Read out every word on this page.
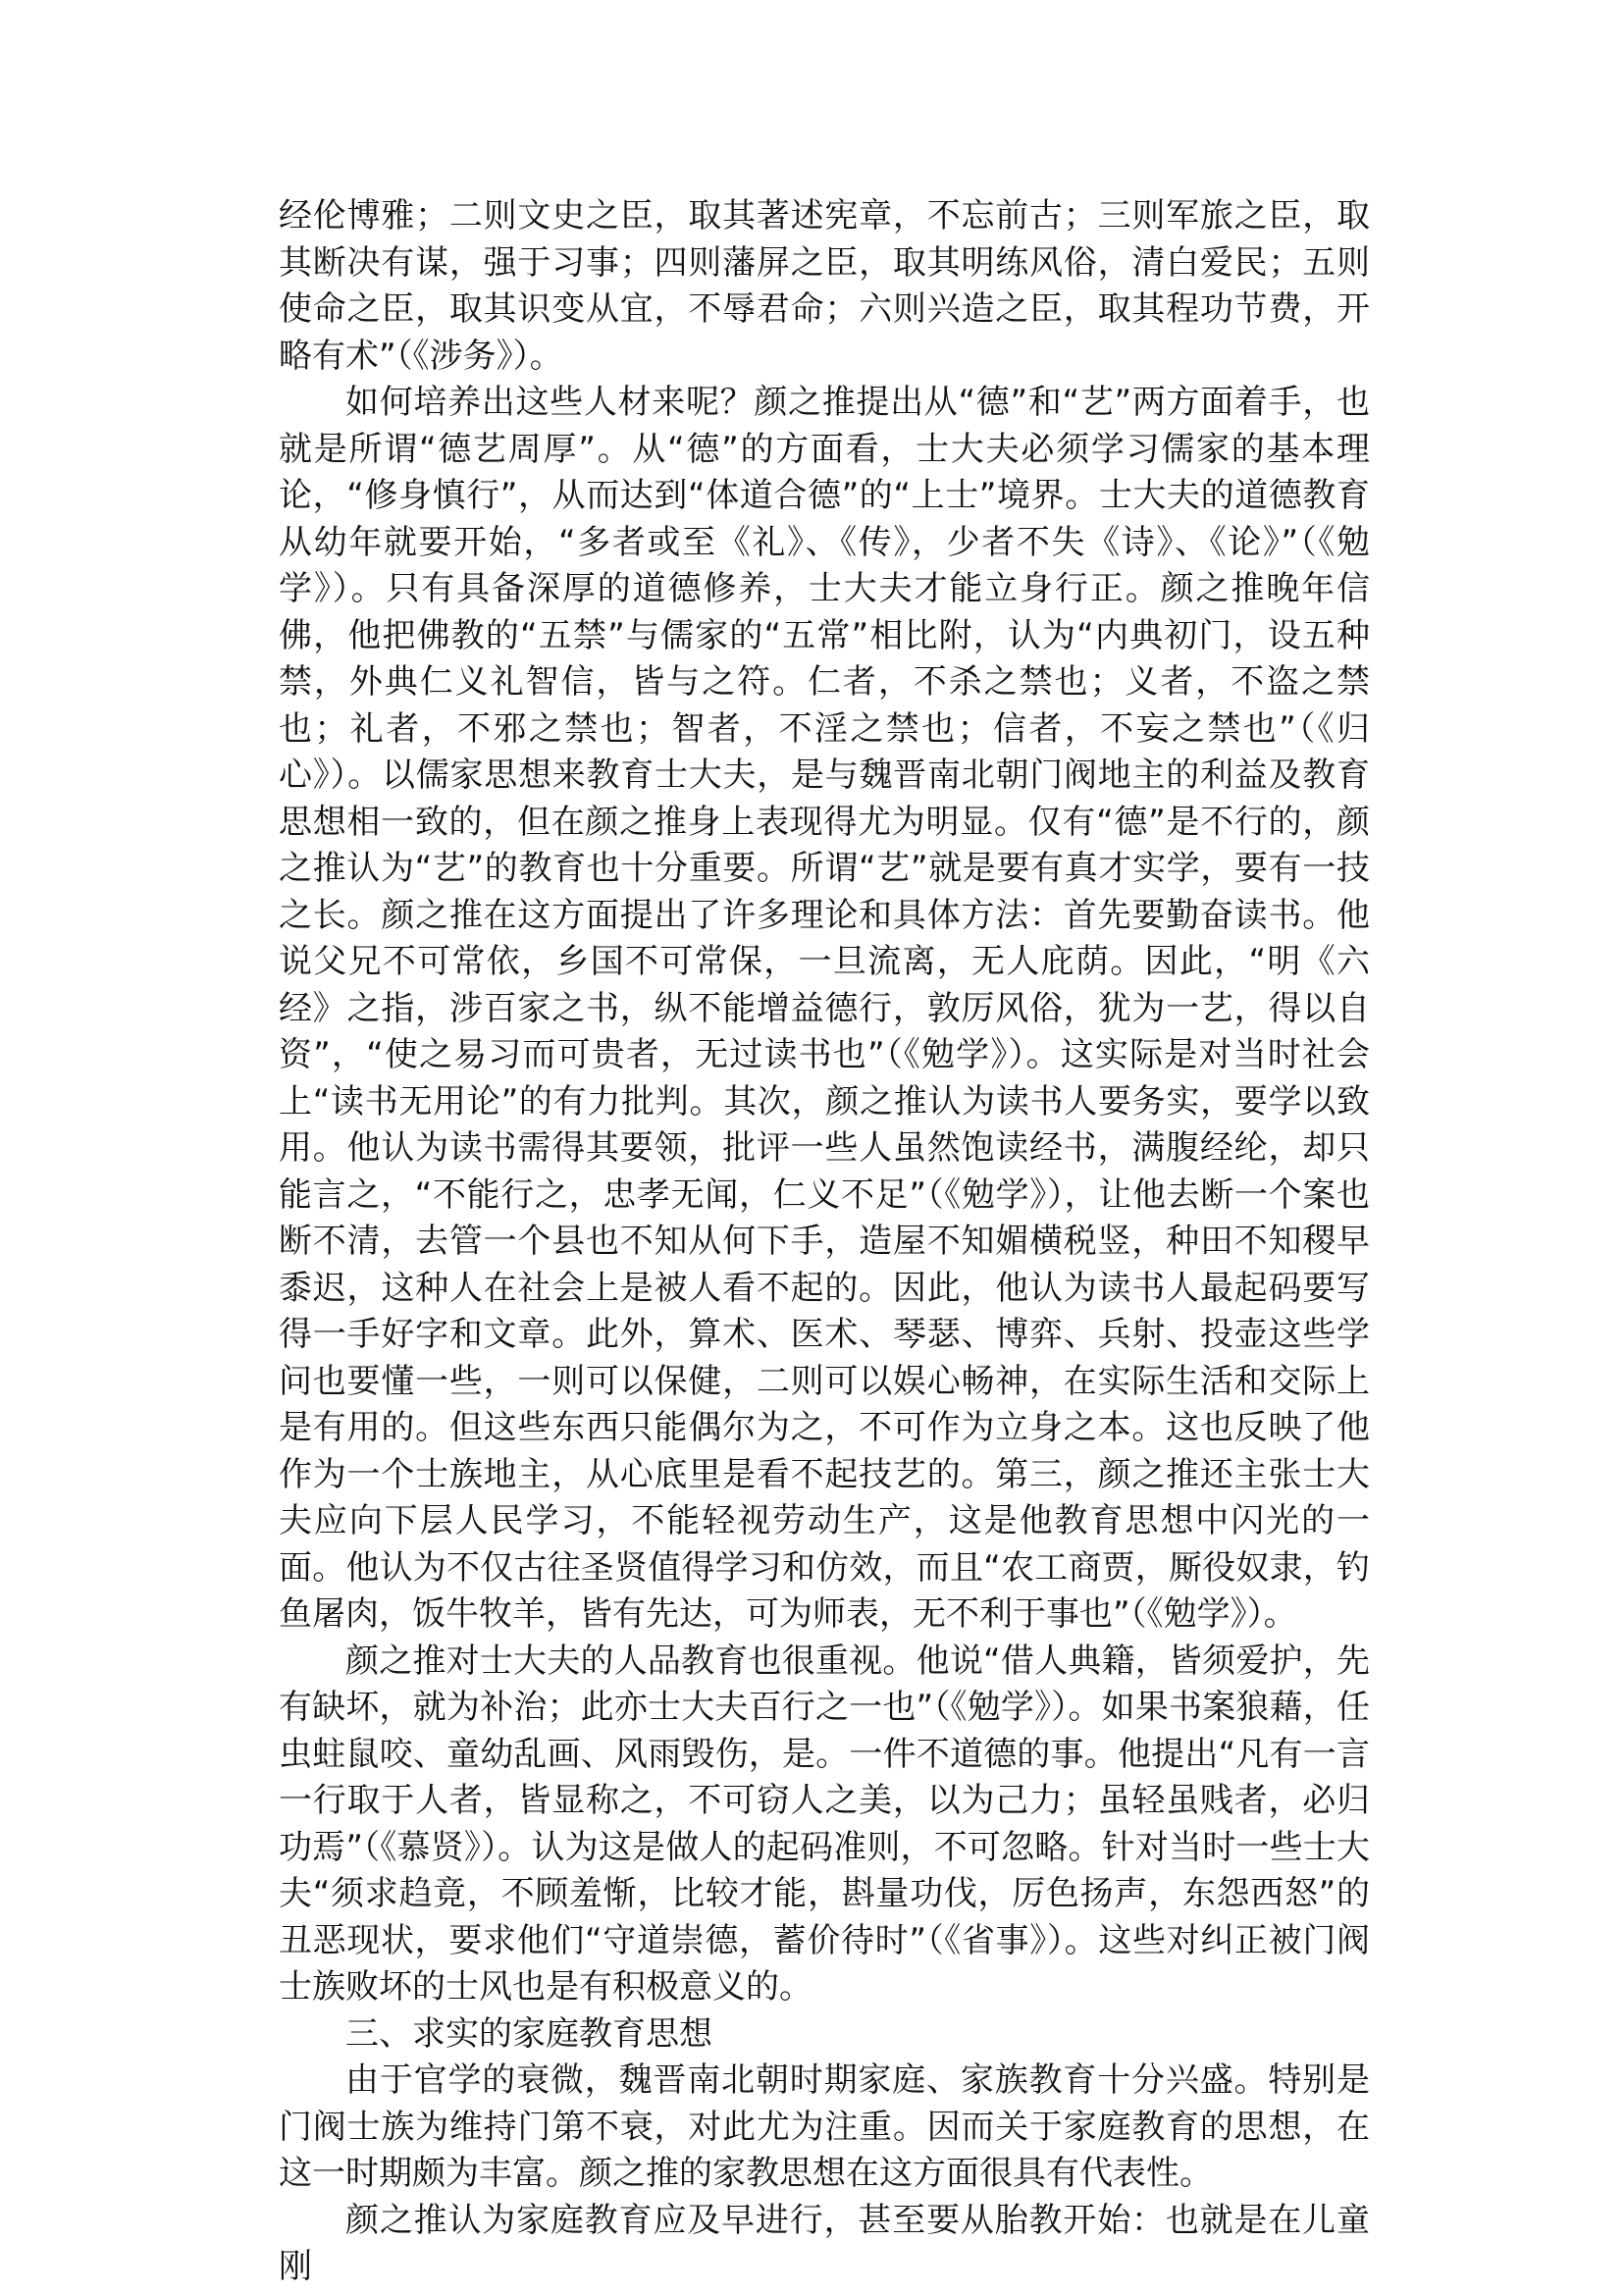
经伦博雅；二则文史之臣，取其著述宪章，不忘前古；三则军旅之臣，取其断决有谋，强于习事；四则藩屏之臣，取其明练风俗，清白爱民；五则使命之臣，取其识变从宜，不辱君命；六则兴造之臣，取其程功节费，开略有术”（《涉务》）。

如何培养出这些人材来呢？颜之推提出从“德”和“艺”两方面着手，也就是所谓“德艺周厚”。从“德”的方面看，士大夫必须学习儒家的基本理论，“修身慎行”，从而达到“体道合德”的“上士”境界。士大夫的道德教育从幼年就要开始，“多者或至《礼》、《传》，少者不失《诗》、《论》”（《勉学》）。只有具备深厚的道德修养，士大夫才能立身行正。颜之推晚年信佛，他把佛教的“五禁”与儒家的“五常”相比附，认为“内典初门，设五种禁，外典仁义礼智信，皆与之符。仁者，不杀之禁也；义者，不盗之禁也；礼者，不邪之禁也；智者，不淫之禁也；信者，不妄之禁也”（《归心》）。以儒家思想来教育士大夫，是与魏晋南北朝门阀地主的利益及教育思想相一致的，但在颜之推身上表现得尤为明显。仅有“德”是不行的，颜之推认为“艺”的教育也十分重要。所谓“艺”就是要有真才实学，要有一技之长。颜之推在这方面提出了许多理论和具体方法：首先要勤奋读书。他说父兄不可常依，乡国不可常保，一旦流离，无人庇荫。因此，“明《六经》之指，涉百家之书，纵不能增益德行，敦厉风俗，犹为一艺，得以自资”，“使之易习而可贵者，无过读书也”（《勉学》）。这实际是对当时社会上“读书无用论”的有力批判。其次，颜之推认为读书人要务实，要学以致用。他认为读书需得其要领，批评一些人虽然饱读经书，满腹经纶，却只能言之，“不能行之，忠孝无闻，仁义不足”（《勉学》），让他去断一个案也断不清，去管一个县也不知从何下手，造屋不知媚横税竖，种田不知稷早黍迟，这种人在社会上是被人看不起的。因此，他认为读书人最起码要写得一手好字和文章。此外，算术、医术、琴瑟、博弈、兵射、投壶这些学问也要懂一些，一则可以保健，二则可以娱心畅神，在实际生活和交际上是有用的。但这些东西只能偶尔为之，不可作为立身之本。这也反映了他作为一个士族地主，从心底里是看不起技艺的。第三，颜之推还主张士大夫应向下层人民学习，不能轻视劳动生产，这是他教育思想中闪光的一面。他认为不仅古往圣贤值得学习和仿效，而且“农工商贾，厮役奴隶，钓鱼屠肉，饭牛牧羊，皆有先达，可为师表，无不利于事也”（《勉学》）。

颜之推对士大夫的人品教育也很重视。他说“借人典籍，皆须爱护，先有缺坏，就为补治；此亦士大夫百行之一也”（《勉学》）。如果书案狼藉，任虫蛀鼠咬、童幼乱画、风雨毁伤，是。一件不道德的事。他提出“凡有一言一行取于人者，皆显称之，不可窃人之美，以为己力；虽轻虽贱者，必归功焉”（《慕贤》）。认为这是做人的起码准则，不可忽略。针对当时一些士大夫“须求趋竟，不顾羞惭，比较才能，斟量功伐，厉色扬声，东怨西怒”的丑恶现状，要求他们“守道崇德，蓄价待时”（《省事》）。这些对纠正被门阀士族败坏的士风也是有积极意义的。

三、求实的家庭教育思想

由于官学的衰微，魏晋南北朝时期家庭、家族教育十分兴盛。特别是门阀士族为维持门第不衰，对此尤为注重。因而关于家庭教育的思想，在这一时期颇为丰富。颜之推的家教思想在这方面很具有代表性。

颜之推认为家庭教育应及早进行，甚至要从胎教开始：也就是在儿童刚
